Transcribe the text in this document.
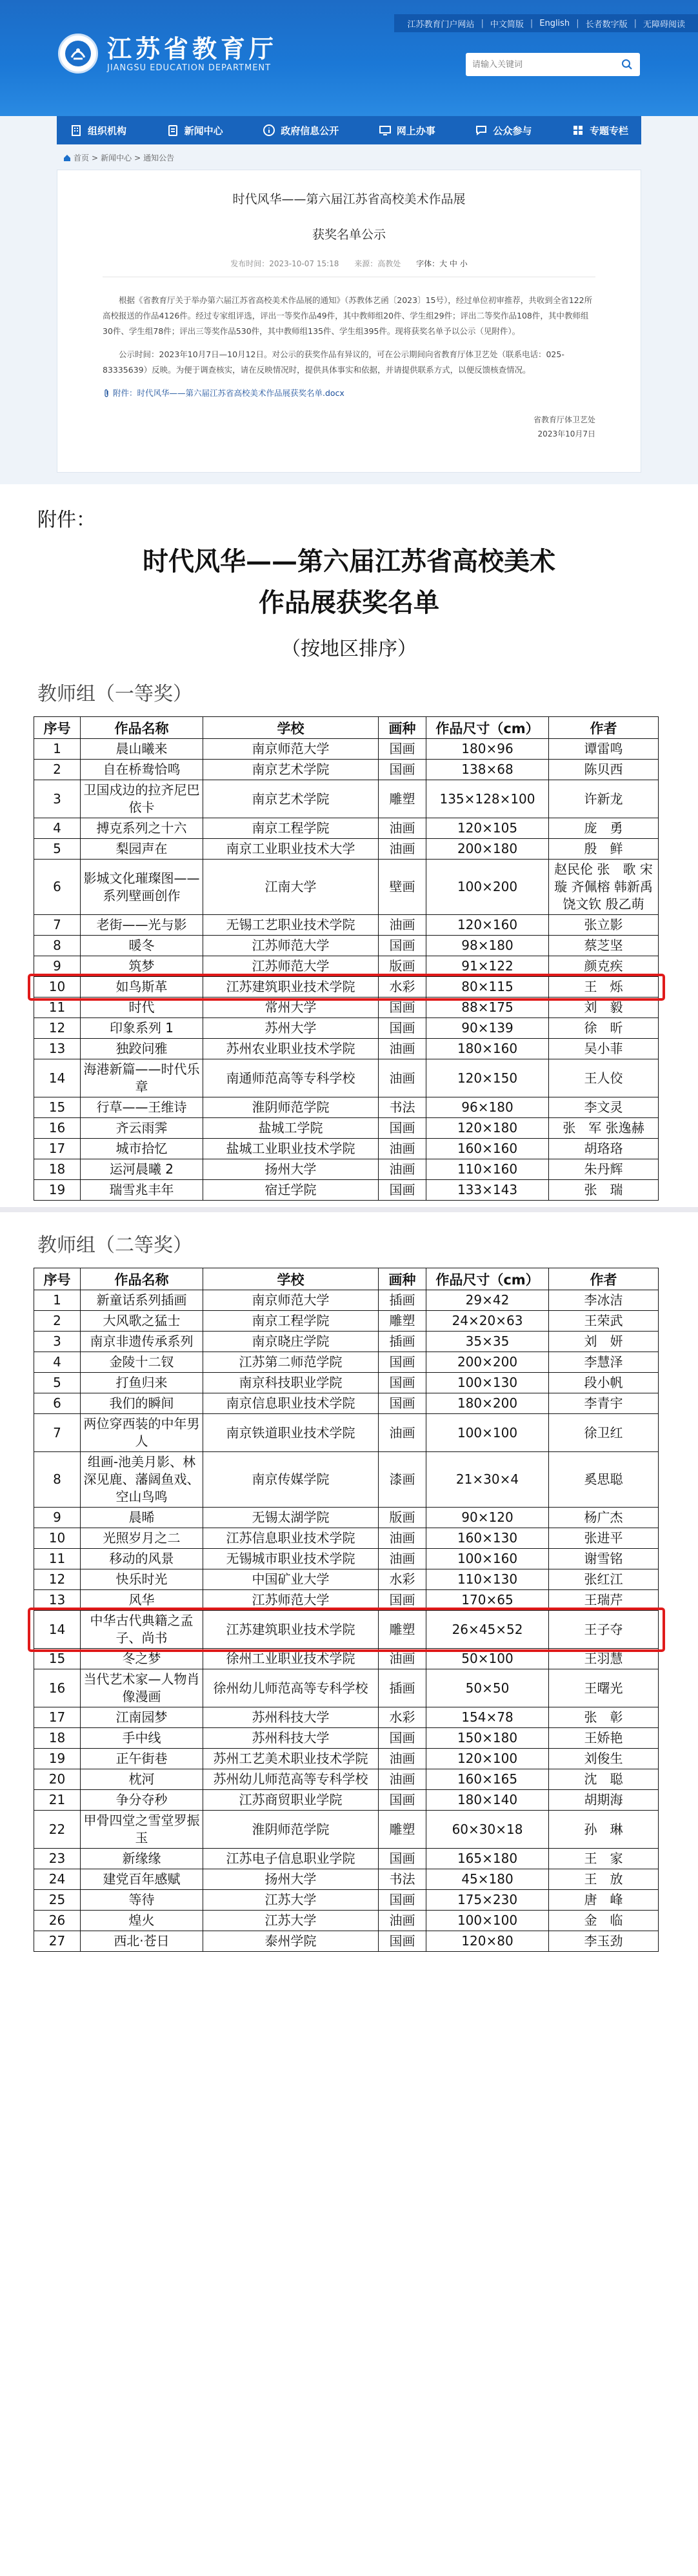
江苏教育门户网站 | 中文简版 | English | 长者数字版 | 无障碍阅读
江苏省教育厅
JIANGSU EDUCATION DEPARTMENT
请输入关键词
组织机构	新闻中心	政府信息公开	网上办事	公众参与	专题专栏
首页 > 新闻中心 > 通知公告
时代风华——第六届江苏省高校美术作品展
获奖名单公示
发布时间：2023-10-07 15:18 来源：高教处 字体：大 中 小

根据《省教育厅关于举办第六届江苏省高校美术作品展的通知》（苏教体艺函〔2023〕15号），经过单位初审推荐，共收到全省122所高校报送的作品4126件。经过专家组评选，评出一等奖作品49件，其中教师组20件、学生组29件；评出二等奖作品108件，其中教师组30件、学生组78件；评出三等奖作品530件，其中教师组135件、学生组395件。现将获奖名单予以公示（见附件）。

公示时间：2023年10月7日—10月12日。对公示的获奖作品有异议的，可在公示期间向省教育厅体卫艺处（联系电话：025-83335639）反映。为便于调查核实，请在反映情况时，提供具体事实和依据，并请提供联系方式，以便反馈核查情况。

附件：时代风华——第六届江苏省高校美术作品展获奖名单.docx
省教育厅体卫艺处
2023年10月7日
附件：
时代风华——第六届江苏省高校美术
作品展获奖名单
（按地区排序）
教师组（一等奖）
序号	作品名称	学校	画种	作品尺寸（cm）	作者
1	晨山曦来	南京师范大学	国画	180×96	谭雷鸣
2	自在桥鸯恰鸣	南京艺术学院	国画	138×68	陈贝西
3	卫国戍边的拉齐尼巴依卡	南京艺术学院	雕塑	135×128×100	许新龙
4	搏克系列之十六	南京工程学院	油画	120×105	庞　勇
5	梨园声在	南京工业职业技术大学	油画	200×180	殷　鲜
6	影城文化璀璨图——系列壁画创作	江南大学	壁画	100×200	赵民伦 张　歌 宋　璇 齐佩榕 韩新禹 饶文钦 殷乙萌
7	老街——光与影	无锡工艺职业技术学院	油画	120×160	张立影
8	暖冬	江苏师范大学	国画	98×180	蔡芝坚
9	筑梦	江苏师范大学	版画	91×122	颜克疾
10	如鸟斯革	江苏建筑职业技术学院	水彩	80×115	王　烁
11	时代	常州大学	国画	88×175	刘　毅
12	印象系列 1	苏州大学	国画	90×139	徐　昕
13	独跤问雅	苏州农业职业技术学院	油画	180×160	吴小菲
14	海港新篇——时代乐章	南通师范高等专科学校	油画	120×150	王人佼
15	行草——王维诗	淮阴师范学院	书法	96×180	李文灵
16	齐云雨霁	盐城工学院	国画	120×180	张　军 张逸赫
17	城市拾忆	盐城工业职业技术学院	油画	160×160	胡珞珞
18	运河晨曦 2	扬州大学	油画	110×160	朱丹辉
19	瑞雪兆丰年	宿迁学院	国画	133×143	张　瑞
教师组（二等奖）
序号	作品名称	学校	画种	作品尺寸（cm）	作者
1	新童话系列插画	南京师范大学	插画	29×42	李冰洁
2	大风歌之猛士	南京工程学院	雕塑	24×20×63	王荣武
3	南京非遗传承系列	南京晓庄学院	插画	35×35	刘　妍
4	金陵十二钗	江苏第二师范学院	国画	200×200	李慧泽
5	打鱼归来	南京科技职业学院	国画	100×130	段小帆
6	我们的瞬间	南京信息职业技术学院	国画	180×200	李青宇
7	两位穿西装的中年男人	南京铁道职业技术学院	油画	100×100	徐卫红
8	组画-池美月影、林深见鹿、藩阔鱼戏、空山鸟鸣	南京传媒学院	漆画	21×30×4	奚思聪
9	晨晞	无锡太湖学院	版画	90×120	杨广杰
10	光照岁月之二	江苏信息职业技术学院	油画	160×130	张进平
11	移动的风景	无锡城市职业技术学院	油画	100×160	谢雪铭
12	快乐时光	中国矿业大学	水彩	110×130	张红江
13	风华	江苏师范大学	国画	170×65	王瑞芹
14	中华古代典籍之孟子、尚书	江苏建筑职业技术学院	雕塑	26×45×52	王子夺
15	冬之梦	徐州工业职业技术学院	油画	50×100	王羽慧
16	当代艺术家—人物肖像漫画	徐州幼儿师范高等专科学校	插画	50×50	王曙光
17	江南园梦	苏州科技大学	水彩	154×78	张　彰
18	手中线	苏州科技大学	国画	150×180	王娇艳
19	正午街巷	苏州工艺美术职业技术学院	油画	120×100	刘俊生
20	枕河	苏州幼儿师范高等专科学校	油画	160×165	沈　聪
21	争分夺秒	江苏商贸职业学院	国画	180×140	胡期海
22	甲骨四堂之雪堂罗振玉	淮阴师范学院	雕塑	60×30×18	孙　琳
23	新缘缘	江苏电子信息职业学院	国画	165×180	王　家
24	建党百年感赋	扬州大学	书法	45×180	王　放
25	等待	江苏大学	国画	175×230	唐　峰
26	煌火	江苏大学	油画	100×100	金　临
27	西北·苍日	泰州学院	国画	120×80	李玉劲
